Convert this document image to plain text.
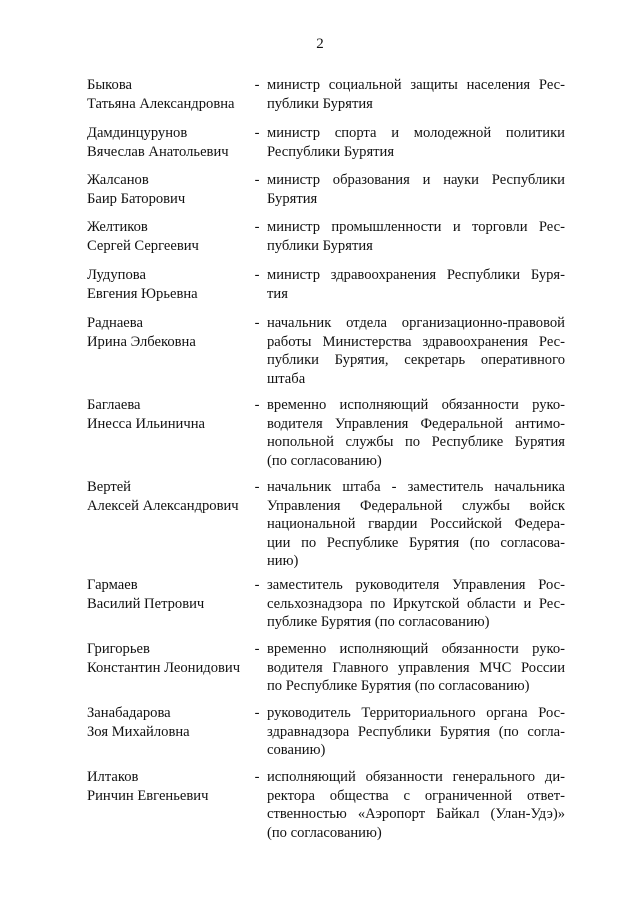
2
Быкова
Татьяна Александровна
- министр социальной защиты населения Рес-
публики Бурятия
Дамдинцурунов
Вячеслав Анатольевич
- министр спорта и молодежной политики
Республики Бурятия
Жалсанов
Баир Баторович
- министр образования и науки Республики
Бурятия
Желтиков
Сергей Сергеевич
- министр промышленности и торговли Рес-
публики Бурятия
Лудупова
Евгения Юрьевна
- министр здравоохранения Республики Буря-
тия
Раднаева
Ирина Элбековна
- начальник отдела организационно-правовой
работы Министерства здравоохранения Рес-
публики Бурятия, секретарь оперативного
штаба
Баглаева
Инесса Ильинична
- временно исполняющий обязанности руко-
водителя Управления Федеральной антимо-
нопольной службы по Республике Бурятия
(по согласованию)
Вертей
Алексей Александрович
- начальник штаба - заместитель начальника
Управления Федеральной службы войск
национальной гвардии Российской Федера-
ции по Республике Бурятия (по согласова-
нию)
Гармаев
Василий Петрович
- заместитель руководителя Управления Рос-
сельхознадзора по Иркутской области и Рес-
публике Бурятия (по согласованию)
Григорьев
Константин Леонидович
- временно исполняющий обязанности руко-
водителя Главного управления МЧС России
по Республике Бурятия (по согласованию)
Занабадарова
Зоя Михайловна
- руководитель Территориального органа Рос-
здравнадзора Республики Бурятия (по согла-
сованию)
Илтаков
Ринчин Евгеньевич
- исполняющий обязанности генерального ди-
ректора общества с ограниченной ответ-
ственностью «Аэропорт Байкал (Улан-Удэ)»
(по согласованию)
